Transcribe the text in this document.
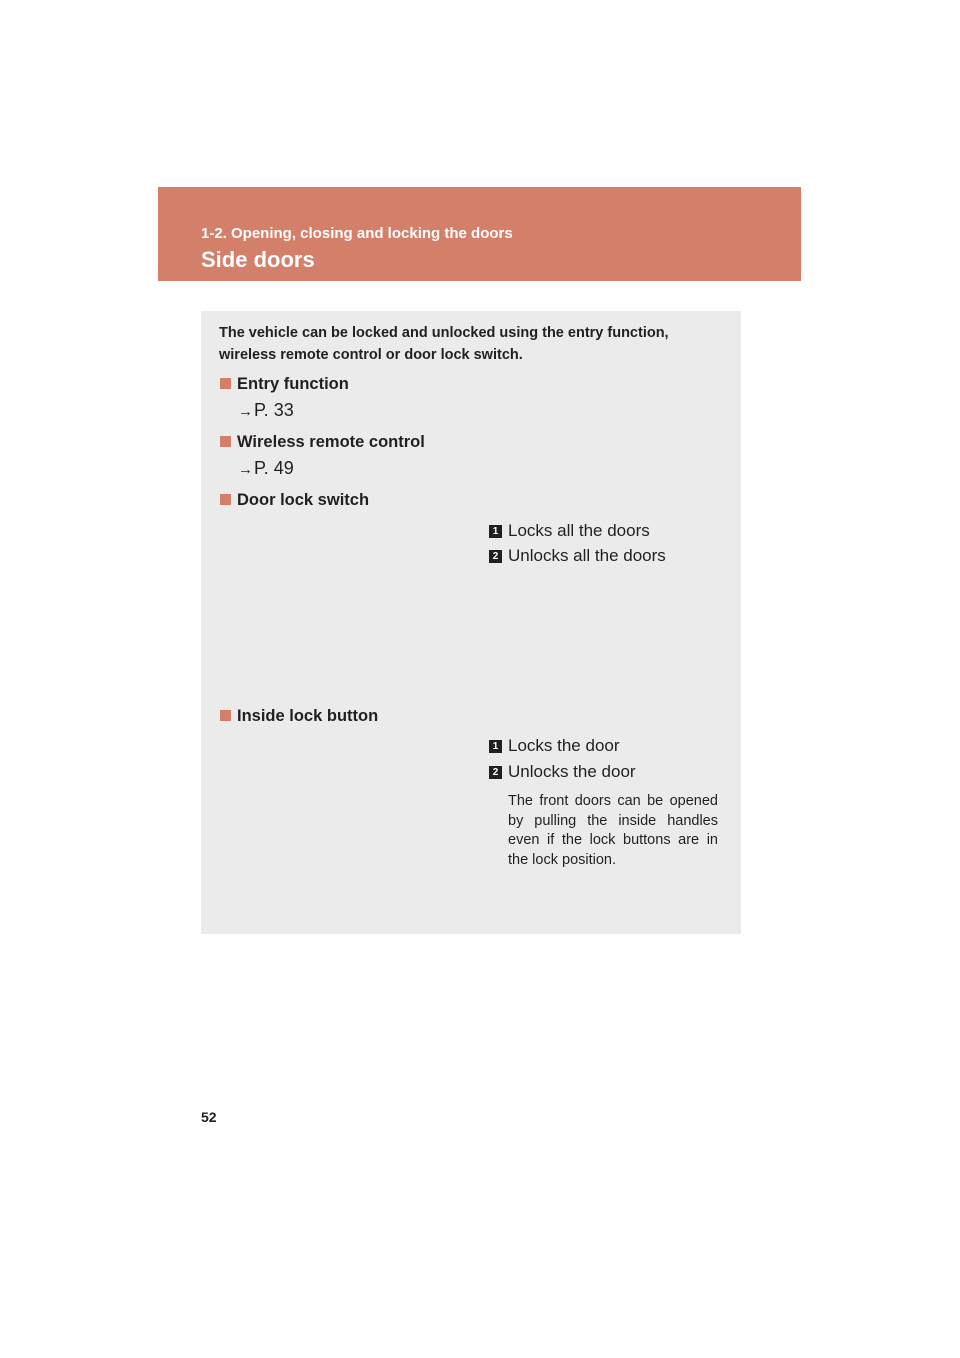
1-2. Opening, closing and locking the doors
Side doors
The vehicle can be locked and unlocked using the entry function, wireless remote control or door lock switch.
Entry function
→P. 33
Wireless remote control
→P. 49
Door lock switch
1 Locks all the doors
2 Unlocks all the doors
Inside lock button
1 Locks the door
2 Unlocks the door
The front doors can be opened by pulling the inside handles even if the lock buttons are in the lock position.
52
